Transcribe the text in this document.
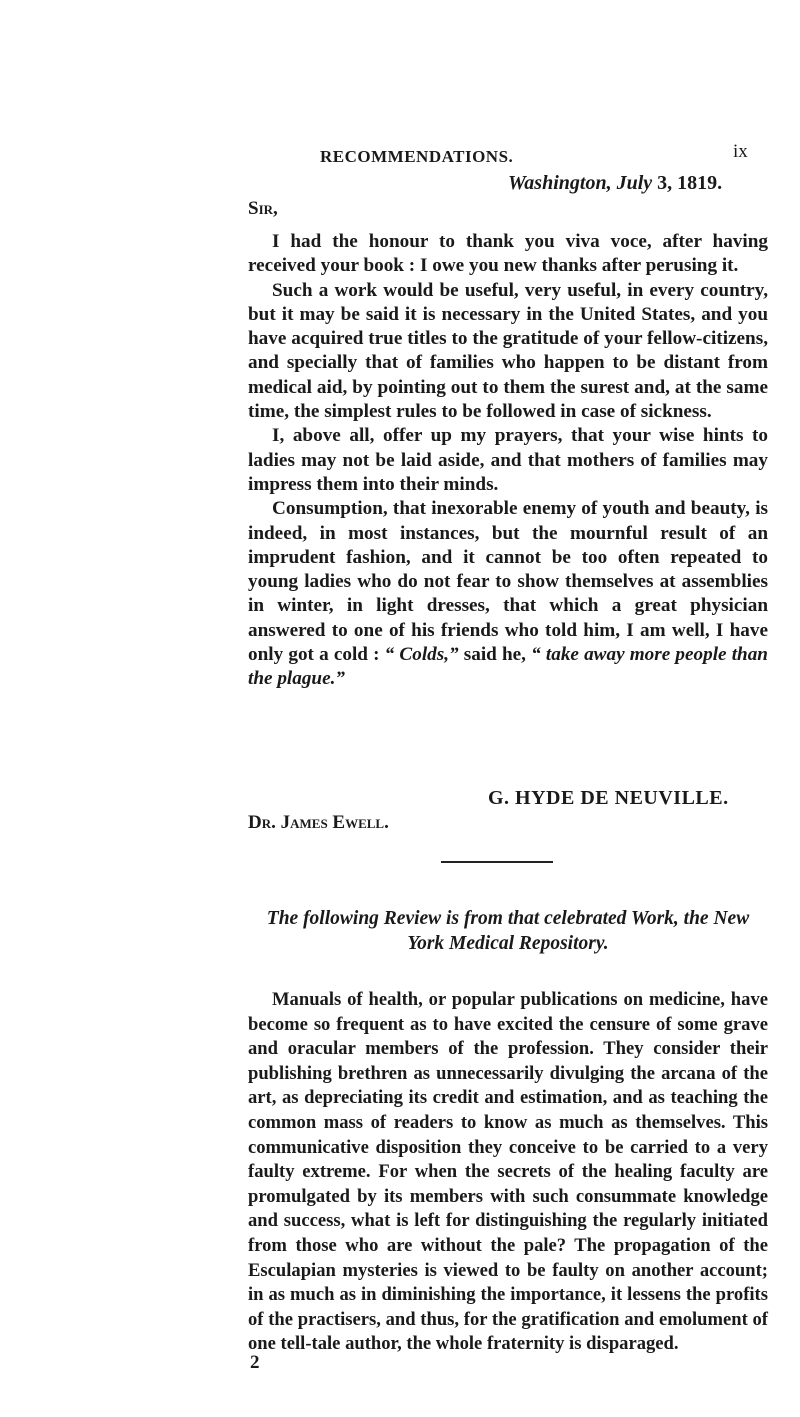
RECOMMENDATIONS.	ix
Washington, July 3, 1819.
Sir,

I had the honour to thank you viva voce, after having received your book : I owe you new thanks after perusing it.

Such a work would be useful, very useful, in every country, but it may be said it is necessary in the United States, and you have acquired true titles to the gratitude of your fellow-citizens, and specially that of families who happen to be distant from medical aid, by pointing out to them the surest and, at the same time, the simplest rules to be followed in case of sickness.

I, above all, offer up my prayers, that your wise hints to ladies may not be laid aside, and that mothers of families may impress them into their minds.

Consumption, that inexorable enemy of youth and beauty, is indeed, in most instances, but the mournful result of an imprudent fashion, and it cannot be too often repeated to young ladies who do not fear to show themselves at assemblies in winter, in light dresses, that which a great physician answered to one of his friends who told him, I am well, I have only got a cold : “ Colds,” said he, “ take away more people than the plague.”

G. HYDE DE NEUVILLE.
Dr. James Ewell.
The following Review is from that celebrated Work, the New York Medical Repository.

Manuals of health, or popular publications on medicine, have become so frequent as to have excited the censure of some grave and oracular members of the profession. They consider their publishing brethren as unnecessarily divulging the arcana of the art, as depreciating its credit and estimation, and as teaching the common mass of readers to know as much as themselves. This communicative disposition they conceive to be carried to a very faulty extreme. For when the secrets of the healing faculty are promulgated by its members with such consummate knowledge and success, what is left for distinguishing the regularly initiated from those who are without the pale? The propagation of the Esculapian mysteries is viewed to be faulty on another account; in as much as in diminishing the importance, it lessens the profits of the practisers, and thus, for the gratification and emolument of one tell-tale author, the whole fraternity is disparaged.

2
